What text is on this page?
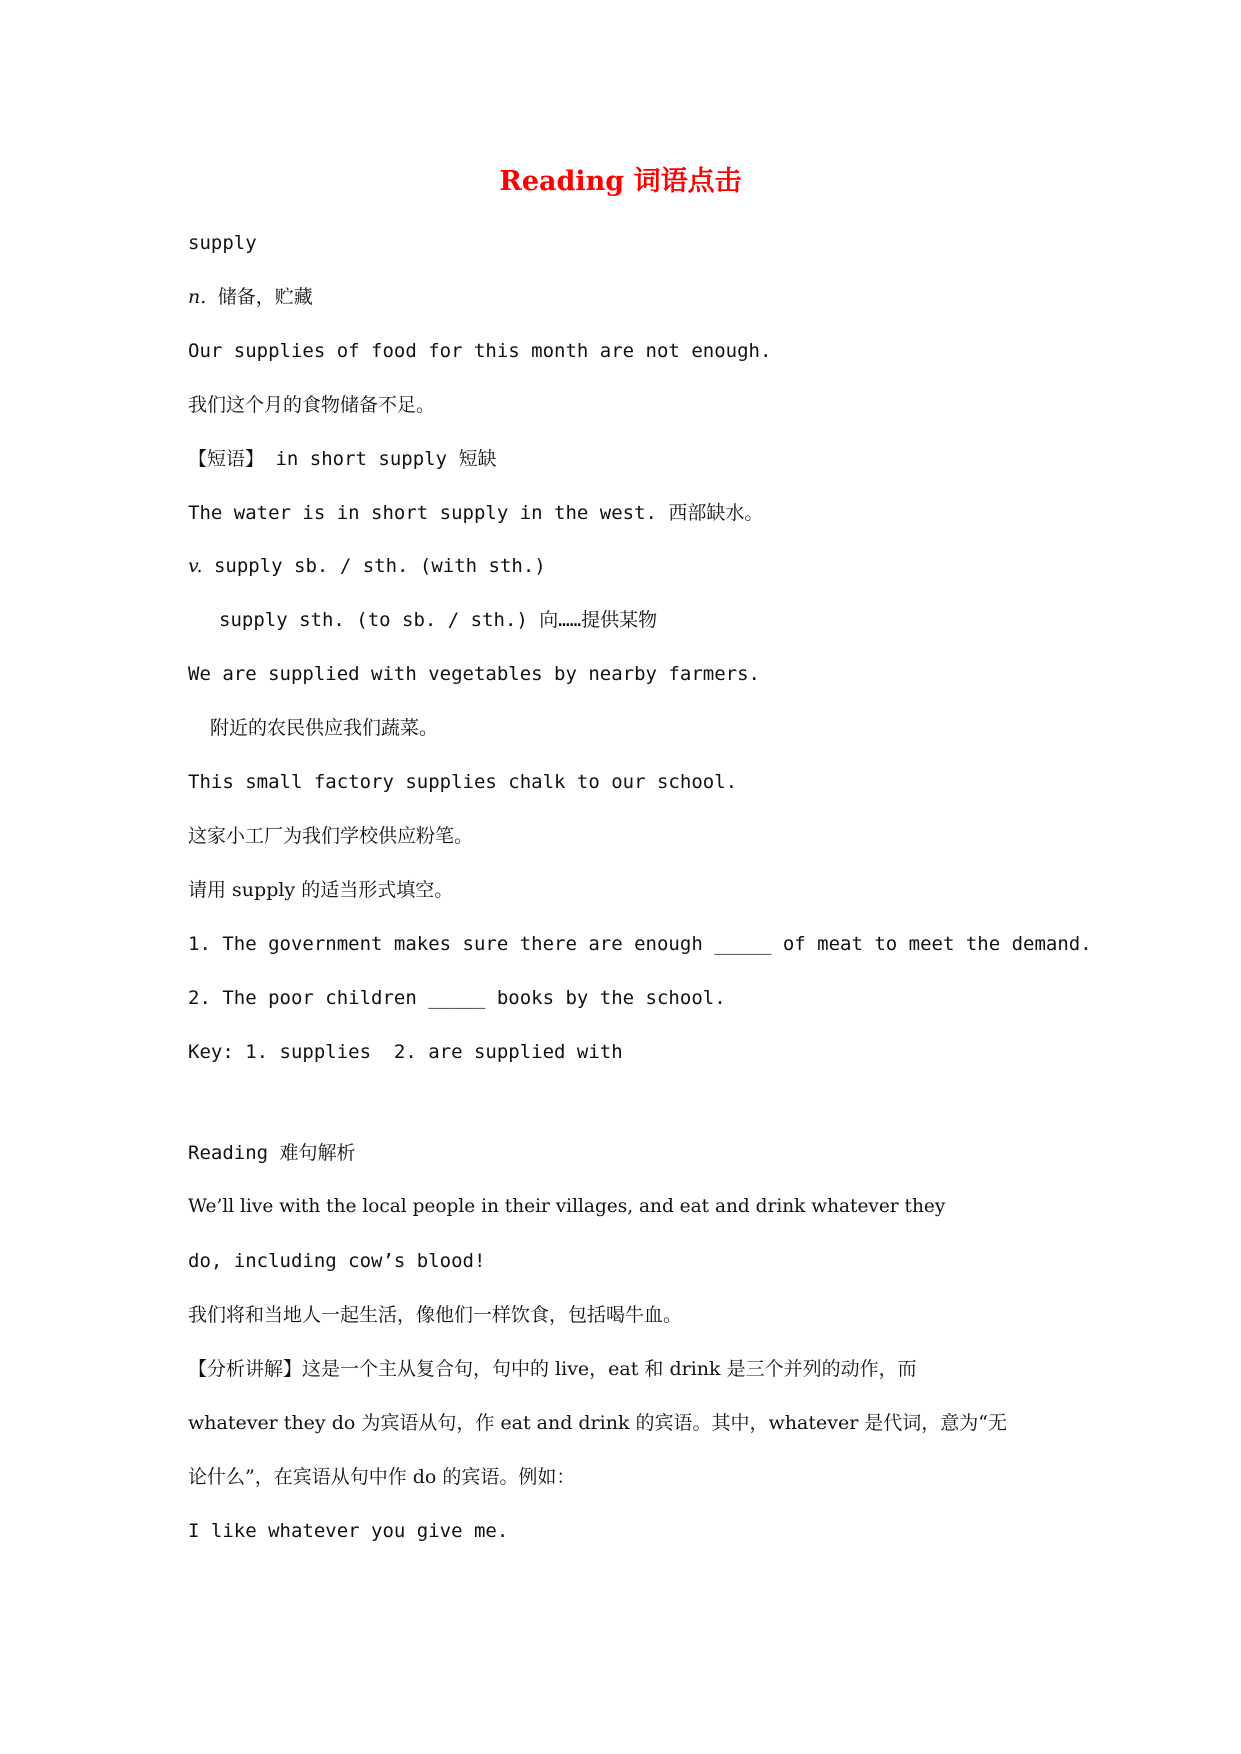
Reading 词语点击
supply
n. 储备，贮藏
Our supplies of food for this month are not enough.
我们这个月的食物储备不足。
【短语】 in short supply 短缺
The water is in short supply in the west. 西部缺水。
v. supply sb. / sth. (with sth.)
supply sth. (to sb. / sth.) 向……提供某物
We are supplied with vegetables by nearby farmers.
附近的农民供应我们蔬菜。
This small factory supplies chalk to our school.
这家小工厂为我们学校供应粉笔。
请用 supply 的适当形式填空。
1. The government makes sure there are enough _____ of meat to meet the demand.
2. The poor children _____ books by the school.
Key: 1. supplies  2. are supplied with
Reading 难句解析
We’ll live with the local people in their villages, and eat and drink whatever they
do, including cow’s blood!
我们将和当地人一起生活，像他们一样饮食，包括喝牛血。
【分析讲解】这是一个主从复合句，句中的 live，eat 和 drink 是三个并列的动作，而
whatever they do 为宾语从句，作 eat and drink 的宾语。其中，whatever 是代词，意为“无
论什么”，在宾语从句中作 do 的宾语。例如：
I like whatever you give me.
